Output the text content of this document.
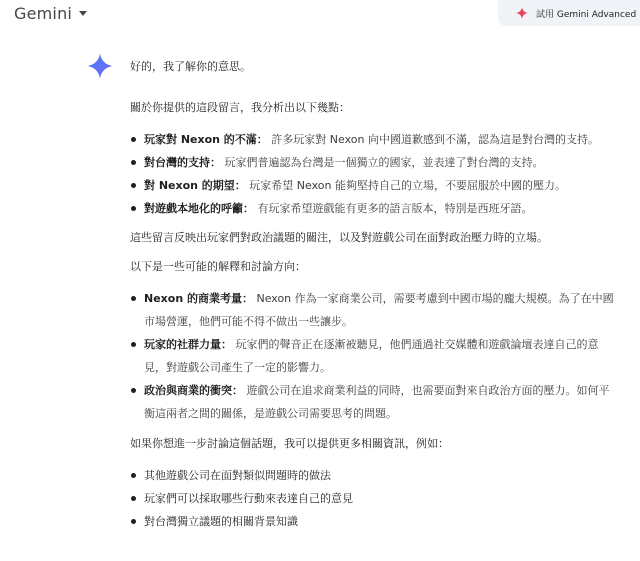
Gemini	試用 Gemini Advanced

好的，我了解你的意思。

關於你提供的這段留言，我分析出以下幾點：

玩家對 Nexon 的不滿： 許多玩家對 Nexon 向中國道歉感到不滿，認為這是對台灣的支持。
對台灣的支持： 玩家們普遍認為台灣是一個獨立的國家，並表達了對台灣的支持。
對 Nexon 的期望： 玩家希望 Nexon 能夠堅持自己的立場，不要屈服於中國的壓力。
對遊戲本地化的呼籲： 有玩家希望遊戲能有更多的語言版本，特別是西班牙語。

這些留言反映出玩家們對政治議題的關注，以及對遊戲公司在面對政治壓力時的立場。

以下是一些可能的解釋和討論方向：

Nexon 的商業考量： Nexon 作為一家商業公司，需要考慮到中國市場的龐大規模。為了在中國市場營運，他們可能不得不做出一些讓步。
玩家的社群力量： 玩家們的聲音正在逐漸被聽見，他們通過社交媒體和遊戲論壇表達自己的意見，對遊戲公司產生了一定的影響力。
政治與商業的衝突： 遊戲公司在追求商業利益的同時，也需要面對來自政治方面的壓力。如何平衡這兩者之間的關係，是遊戲公司需要思考的問題。

如果你想進一步討論這個話題，我可以提供更多相關資訊，例如：

其他遊戲公司在面對類似問題時的做法
玩家們可以採取哪些行動來表達自己的意見
對台灣獨立議題的相關背景知識
